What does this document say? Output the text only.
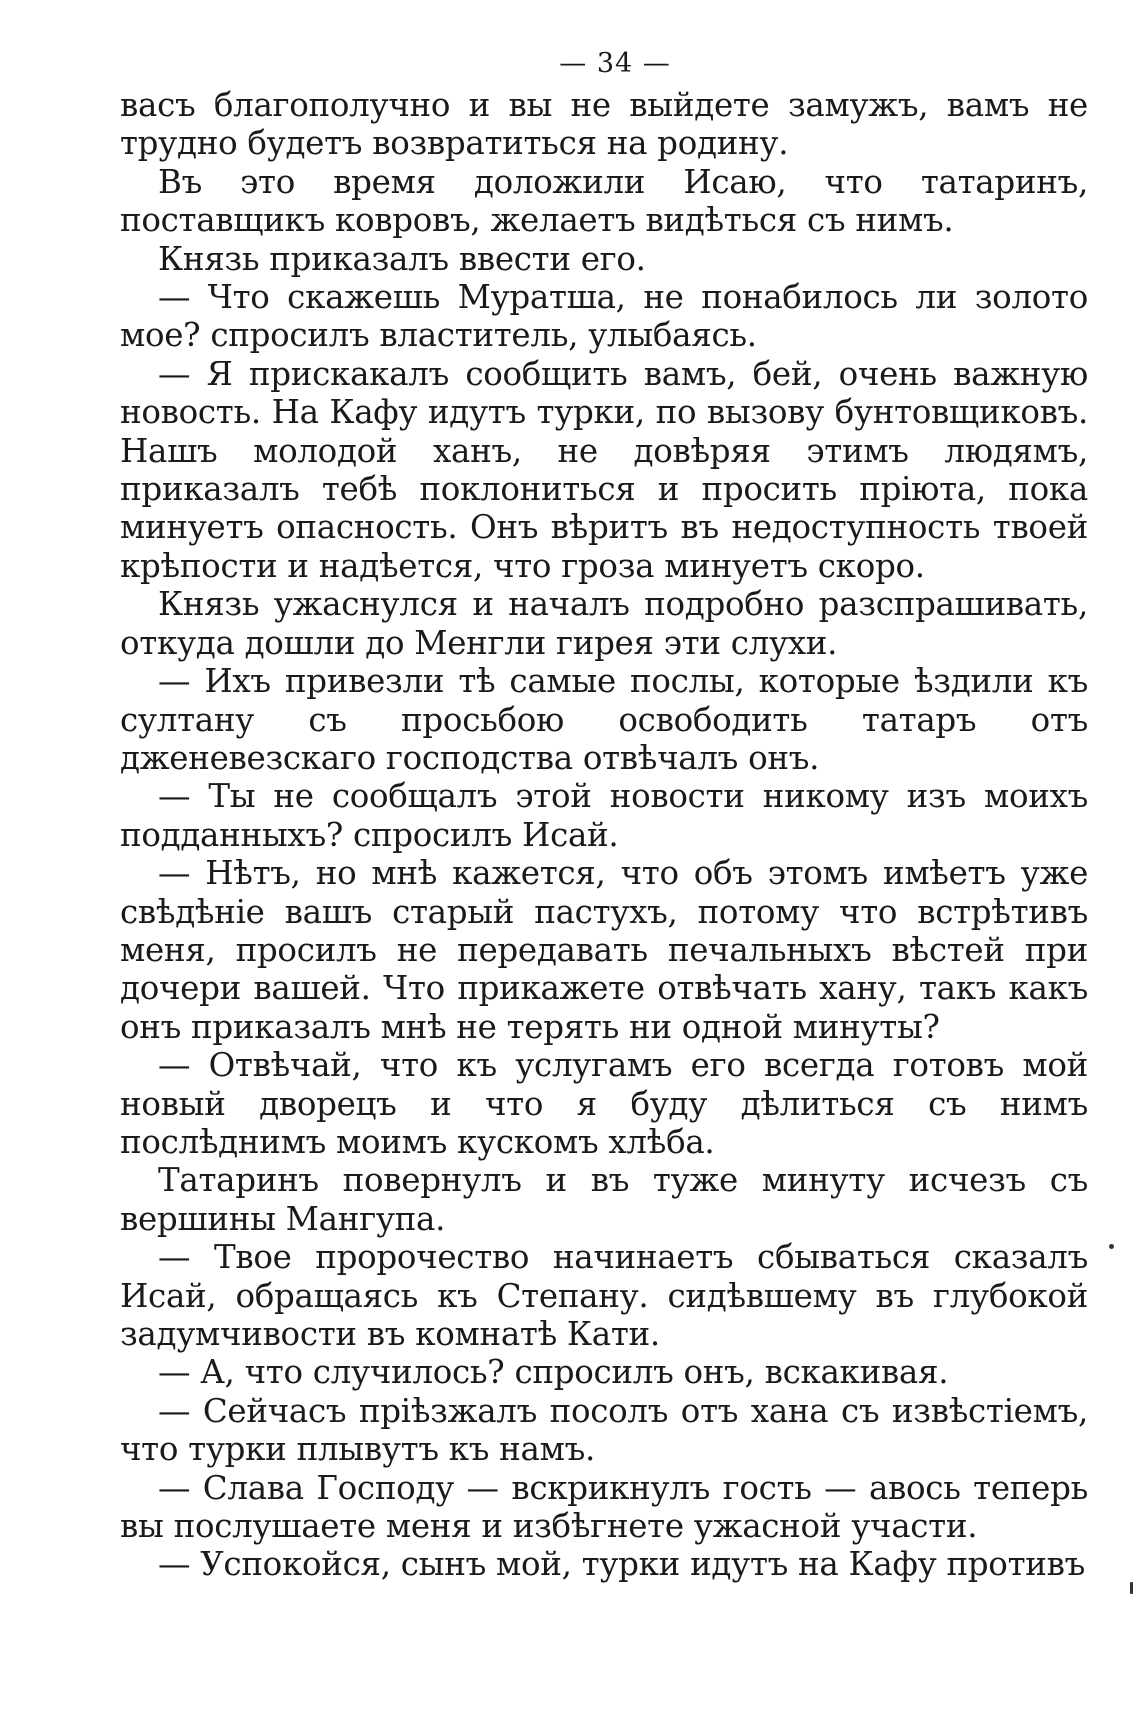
— 34 —

васъ благополучно и вы не выйдете замужъ, вамъ не трудно будетъ возвратиться на родину.

Въ это время доложили Исаю, что татаринъ, поставщикъ ковровъ, желаетъ видѣться съ нимъ.

Князь приказалъ ввести его.

— Что скажешь Муратша, не понабилось ли золото мое? спросилъ властитель, улыбаясь.

— Я прискакалъ сообщить вамъ, бей, очень важную новость. На Кафу идутъ турки, по вызову бунтовщиковъ. Нашъ молодой ханъ, не довѣряя этимъ людямъ, приказалъ тебѣ поклониться и просить прiюта, пока минуетъ опасность. Онъ вѣритъ въ недоступность твоей крѣпости и надѣется, что гроза минуетъ скоро.

Князь ужаснулся и началъ подробно разспрашивать, откуда дошли до Менгли гирея эти слухи.

— Ихъ привезли тѣ самые послы, которые ѣздили къ султану съ просьбою освободить татаръ отъ дженевезскаго господства отвѣчалъ онъ.

— Ты не сообщалъ этой новости никому изъ моихъ подданныхъ? спросилъ Исай.

— Нѣтъ, но мнѣ кажется, что объ этомъ имѣетъ уже свѣдѣнiе вашъ старый пастухъ, потому что встрѣтивъ меня, просилъ не передавать печальныхъ вѣстей при дочери вашей. Что прикажете отвѣчать хану, такъ какъ онъ приказалъ мнѣ не терять ни одной минуты?

— Отвѣчай, что къ услугамъ его всегда готовъ мой новый дворецъ и что я буду дѣлиться съ нимъ послѣднимъ моимъ кускомъ хлѣба.

Татаринъ повернулъ и въ туже минуту исчезъ съ вершины Мангупа.

— Твое пророчество начинаетъ сбываться сказалъ Исай, обращаясь къ Степану. сидѣвшему въ глубокой задумчивости въ комнатѣ Кати.

— А, что случилось? спросилъ онъ, вскакивая.

— Сейчасъ прiѣзжалъ посолъ отъ хана съ извѣстiемъ, что турки плывутъ къ намъ.

— Слава Господу — вскрикнулъ гость — авось теперь вы послушаете меня и избѣгнете ужасной участи.

— Успокойся, сынъ мой, турки идутъ на Кафу противъ
